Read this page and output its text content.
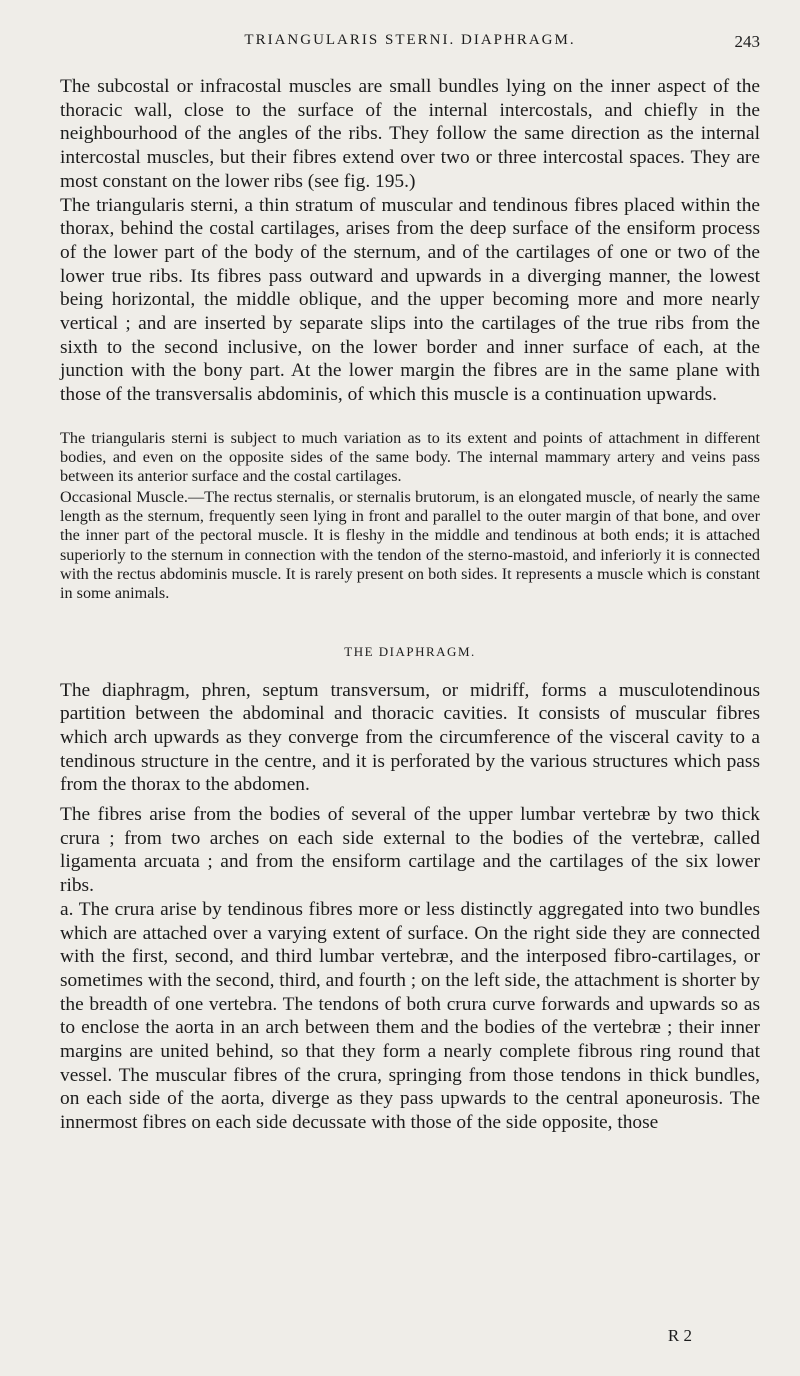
TRIANGULARIS STERNI. DIAPHRAGM.	243

The subcostal or infracostal muscles are small bundles lying on the inner aspect of the thoracic wall, close to the surface of the internal intercostals, and chiefly in the neighbourhood of the angles of the ribs. They follow the same direction as the internal intercostal muscles, but their fibres extend over two or three intercostal spaces. They are most constant on the lower ribs (see fig. 195.)

The triangularis sterni, a thin stratum of muscular and tendinous fibres placed within the thorax, behind the costal cartilages, arises from the deep surface of the ensiform process of the lower part of the body of the sternum, and of the cartilages of one or two of the lower true ribs. Its fibres pass outward and upwards in a diverging manner, the lowest being horizontal, the middle oblique, and the upper becoming more and more nearly vertical ; and are inserted by separate slips into the cartilages of the true ribs from the sixth to the second inclusive, on the lower border and inner surface of each, at the junction with the bony part. At the lower margin the fibres are in the same plane with those of the transversalis abdominis, of which this muscle is a continuation upwards.

The triangularis sterni is subject to much variation as to its extent and points of attachment in different bodies, and even on the opposite sides of the same body. The internal mammary artery and veins pass between its anterior surface and the costal cartilages.

Occasional Muscle.—The rectus sternalis, or sternalis brutorum, is an elongated muscle, of nearly the same length as the sternum, frequently seen lying in front and parallel to the outer margin of that bone, and over the inner part of the pectoral muscle. It is fleshy in the middle and tendinous at both ends; it is attached superiorly to the sternum in connection with the tendon of the sterno-mastoid, and inferiorly it is connected with the rectus abdominis muscle. It is rarely present on both sides. It represents a muscle which is constant in some animals.

THE DIAPHRAGM.

The diaphragm, phren, septum transversum, or midriff, forms a musculotendinous partition between the abdominal and thoracic cavities. It consists of muscular fibres which arch upwards as they converge from the circumference of the visceral cavity to a tendinous structure in the centre, and it is perforated by the various structures which pass from the thorax to the abdomen.

The fibres arise from the bodies of several of the upper lumbar vertebræ by two thick crura ; from two arches on each side external to the bodies of the vertebræ, called ligamenta arcuata ; and from the ensiform cartilage and the cartilages of the six lower ribs.

a. The crura arise by tendinous fibres more or less distinctly aggregated into two bundles which are attached over a varying extent of surface. On the right side they are connected with the first, second, and third lumbar vertebræ, and the interposed fibro-cartilages, or sometimes with the second, third, and fourth ; on the left side, the attachment is shorter by the breadth of one vertebra. The tendons of both crura curve forwards and upwards so as to enclose the aorta in an arch between them and the bodies of the vertebræ ; their inner margins are united behind, so that they form a nearly complete fibrous ring round that vessel. The muscular fibres of the crura, springing from those tendons in thick bundles, on each side of the aorta, diverge as they pass upwards to the central aponeurosis. The innermost fibres on each side decussate with those of the side opposite, those

R 2
